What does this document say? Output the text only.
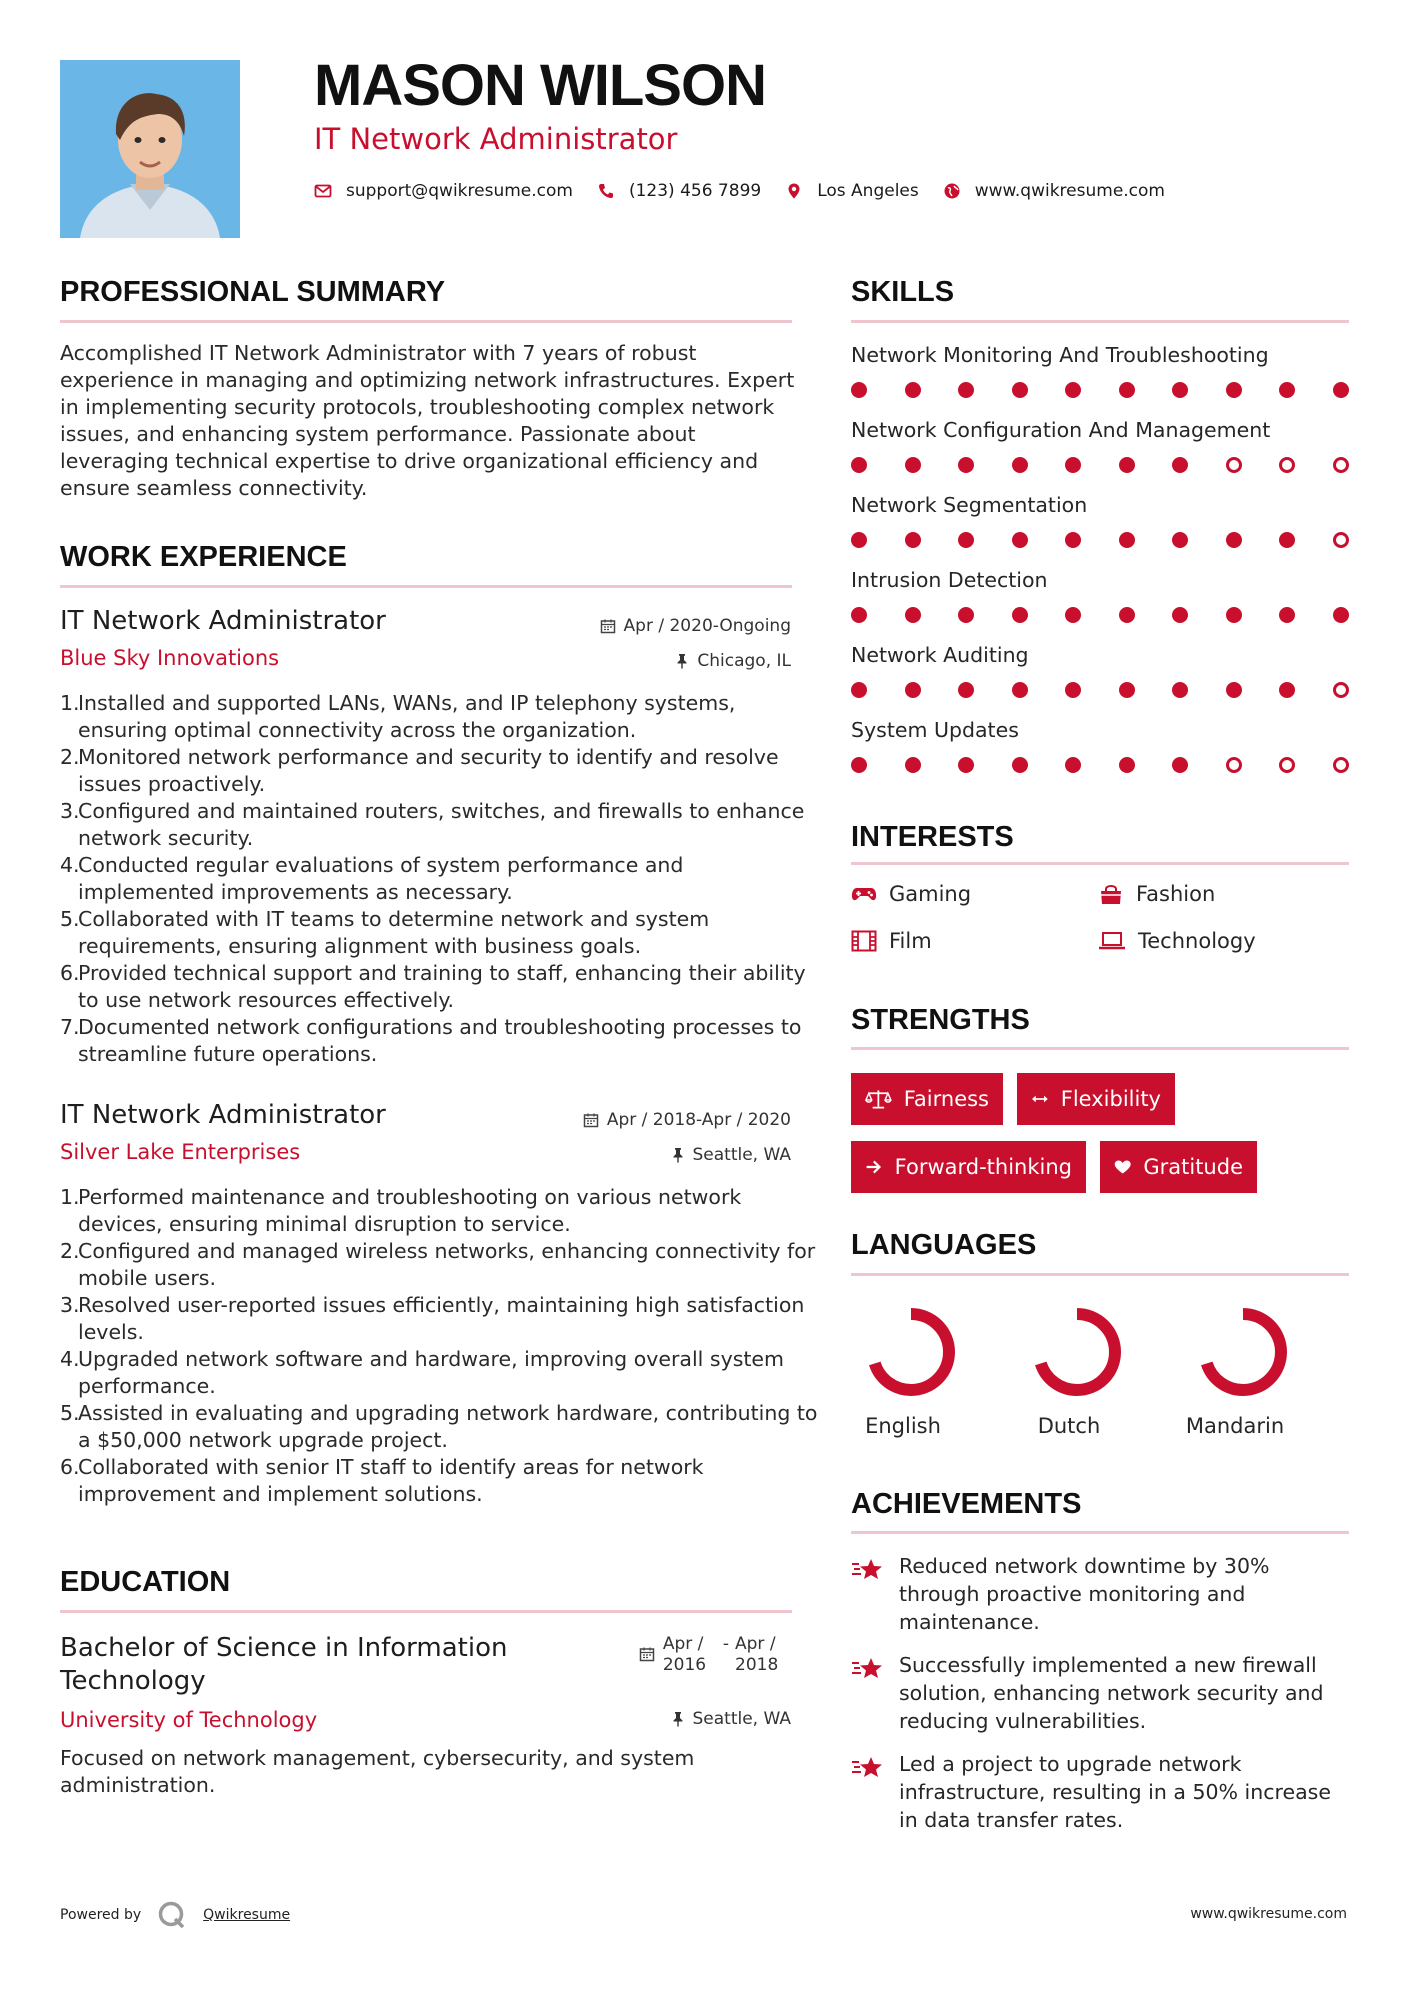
MASON WILSON
IT Network Administrator
support@qwikresume.com	(123) 456 7899	Los Angeles	www.qwikresume.com
PROFESSIONAL SUMMARY
Accomplished IT Network Administrator with 7 years of robust experience in managing and optimizing network infrastructures. Expert in implementing security protocols, troubleshooting complex network issues, and enhancing system performance. Passionate about leveraging technical expertise to drive organizational efficiency and ensure seamless connectivity.
WORK EXPERIENCE
IT Network Administrator	Apr / 2020-Ongoing
Blue Sky Innovations	Chicago, IL
Installed and supported LANs, WANs, and IP telephony systems, ensuring optimal connectivity across the organization.
Monitored network performance and security to identify and resolve issues proactively.
Configured and maintained routers, switches, and firewalls to enhance network security.
Conducted regular evaluations of system performance and implemented improvements as necessary.
Collaborated with IT teams to determine network and system requirements, ensuring alignment with business goals.
Provided technical support and training to staff, enhancing their ability to use network resources effectively.
Documented network configurations and troubleshooting processes to streamline future operations.
IT Network Administrator	Apr / 2018-Apr / 2020
Silver Lake Enterprises	Seattle, WA
Performed maintenance and troubleshooting on various network devices, ensuring minimal disruption to service.
Configured and managed wireless networks, enhancing connectivity for mobile users.
Resolved user-reported issues efficiently, maintaining high satisfaction levels.
Upgraded network software and hardware, improving overall system performance.
Assisted in evaluating and upgrading network hardware, contributing to a $50,000 network upgrade project.
Collaborated with senior IT staff to identify areas for network improvement and implement solutions.
EDUCATION
Bachelor of Science in Information Technology
Apr / 2016
- Apr / 2018
University of Technology	Seattle, WA
Focused on network management, cybersecurity, and system administration.
SKILLS
Network Monitoring And Troubleshooting
Network Configuration And Management
Network Segmentation
Intrusion Detection
Network Auditing
System Updates
INTERESTS
Gaming	Fashion
Film	Technology
STRENGTHS
Fairness	Flexibility
Forward-thinking	Gratitude
LANGUAGES
English	Dutch	Mandarin
ACHIEVEMENTS
Reduced network downtime by 30% through proactive monitoring and maintenance.
Successfully implemented a new firewall solution, enhancing network security and reducing vulnerabilities.
Led a project to upgrade network infrastructure, resulting in a 50% increase in data transfer rates.
Powered by	Qwikresume	www.qwikresume.com
